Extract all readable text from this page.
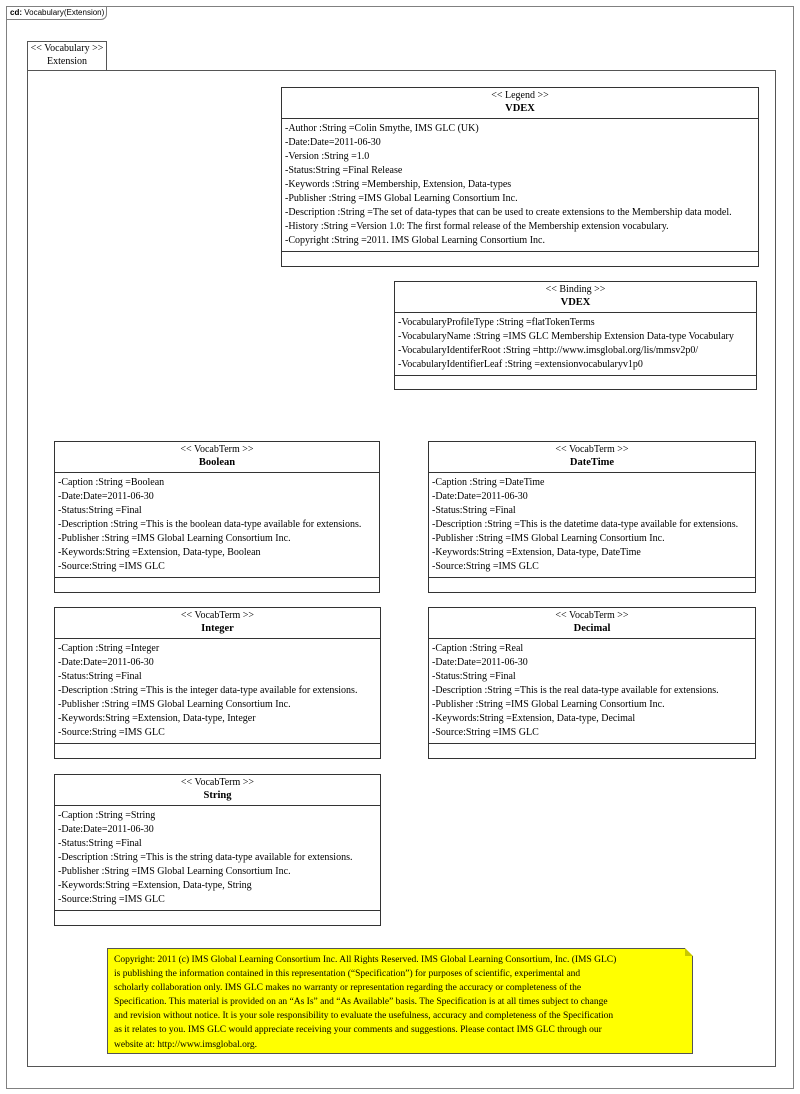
cd: Vocabulary(Extension)
<< Vocabulary >>
Extension
<< Legend >>
VDEX
-Author :String =Colin Smythe, IMS GLC (UK)
-Date:Date=2011-06-30
-Version :String =1.0
-Status:String =Final Release
-Keywords :String =Membership, Extension, Data-types
-Publisher :String =IMS Global Learning Consortium Inc.
-Description :String =The set of data-types that can be used to create extensions to the Membership data model.
-History :String =Version 1.0: The first formal release of the Membership extension vocabulary.
-Copyright :String =2011. IMS Global Learning Consortium Inc.
<< Binding >>
VDEX
-VocabularyProfileType :String =flatTokenTerms
-VocabularyName :String =IMS GLC Membership Extension Data-type Vocabulary
-VocabularyIdentiferRoot :String =http://www.imsglobal.org/lis/mmsv2p0/
-VocabularyIdentifierLeaf :String =extensionvocabularyv1p0
<< VocabTerm >>
Boolean
-Caption :String =Boolean
-Date:Date=2011-06-30
-Status:String =Final
-Description :String =This is the boolean data-type available for extensions.
-Publisher :String =IMS Global Learning Consortium Inc.
-Keywords:String =Extension, Data-type, Boolean
-Source:String =IMS GLC
<< VocabTerm >>
DateTime
-Caption :String =DateTime
-Date:Date=2011-06-30
-Status:String =Final
-Description :String =This is the datetime data-type available for extensions.
-Publisher :String =IMS Global Learning Consortium Inc.
-Keywords:String =Extension, Data-type, DateTime
-Source:String =IMS GLC
<< VocabTerm >>
Integer
-Caption :String =Integer
-Date:Date=2011-06-30
-Status:String =Final
-Description :String =This is the integer data-type available for extensions.
-Publisher :String =IMS Global Learning Consortium Inc.
-Keywords:String =Extension, Data-type, Integer
-Source:String =IMS GLC
<< VocabTerm >>
Decimal
-Caption :String =Real
-Date:Date=2011-06-30
-Status:String =Final
-Description :String =This is the real data-type available for extensions.
-Publisher :String =IMS Global Learning Consortium Inc.
-Keywords:String =Extension, Data-type, Decimal
-Source:String =IMS GLC
<< VocabTerm >>
String
-Caption :String =String
-Date:Date=2011-06-30
-Status:String =Final
-Description :String =This is the string data-type available for extensions.
-Publisher :String =IMS Global Learning Consortium Inc.
-Keywords:String =Extension, Data-type, String
-Source:String =IMS GLC
Copyright: 2011 (c) IMS Global Learning Consortium Inc. All Rights Reserved. IMS Global Learning Consortium, Inc. (IMS GLC)
is publishing the information contained in this representation (“Specification”) for purposes of scientific, experimental and
scholarly collaboration only. IMS GLC makes no warranty or representation regarding the accuracy or completeness of the
Specification. This material is provided on an “As Is” and “As Available” basis. The Specification is at all times subject to change
and revision without notice. It is your sole responsibility to evaluate the usefulness, accuracy and completeness of the Specification
as it relates to you. IMS GLC would appreciate receiving your comments and suggestions. Please contact IMS GLC through our
website at: http://www.imsglobal.org.
